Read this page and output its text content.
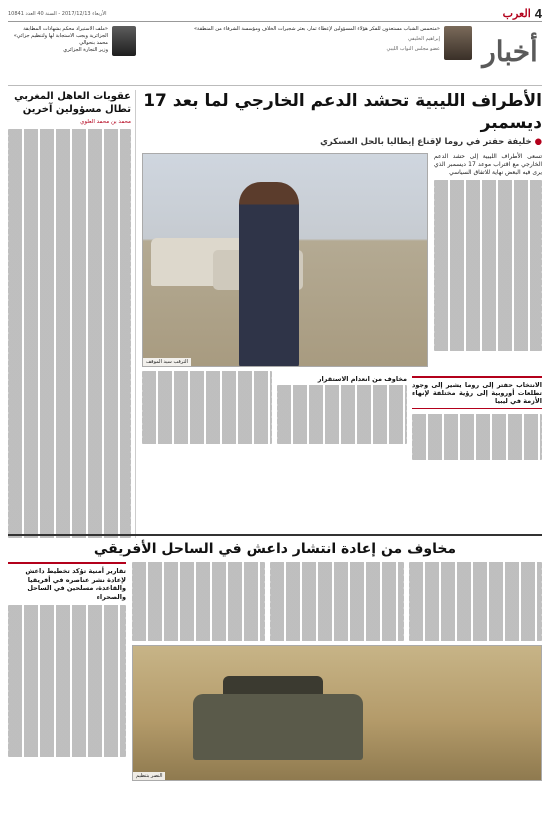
4
العرب
الأربعاء 2017/12/13 - السنة 40 العدد 10841
أخبار
«متحمس الشباب مستعدون للفكر هؤلاء المسؤولين لإعطاء ثمار، بعثر شجيرات الخلاف ومؤسسة الشرفاء من المنطقة»
إبراهيم الخليفي
عضو مجلس النواب الليبي
«ملف الاستيراد محكم بشهادات المطابقة الجزائرية ويجب الاستجابة لها ولتنظيم جزائي»
محمد بنحوالي
وزير التجارة الجزائري
الأطراف الليبية تحشد الدعم الخارجي لما بعد 17 ديسمبر
●خليفة حفتر في روما لإقناع إيطاليا بالحل العسكري
تسعى الأطراف الليبية إلى حشد الدعم الخارجي مع اقتراب موعد 17 ديسمبر الذي يرى فيه البعض نهاية للاتفاق السياسي
الترقب سيد الموقف
الانتخاب حفتر إلى روما يشير إلى وجود تطلعات أوروبية إلى رؤية مختلفة لإنهاء الأزمة في ليبيا
مخاوف من انعدام الاستقرار
عقوبات العاهل المغربي تطال مسؤولين آخرين
محمد بن محمد العلوي
مخاوف من إعادة انتشار داعش في الساحل الأفريقي
النصر بتنظيم
تقارير أمنية تؤكد تخطيط داعش لإعادة نشر عناصره في أفريقيا والقاعدة، مسلحين في الساحل والصحراء
